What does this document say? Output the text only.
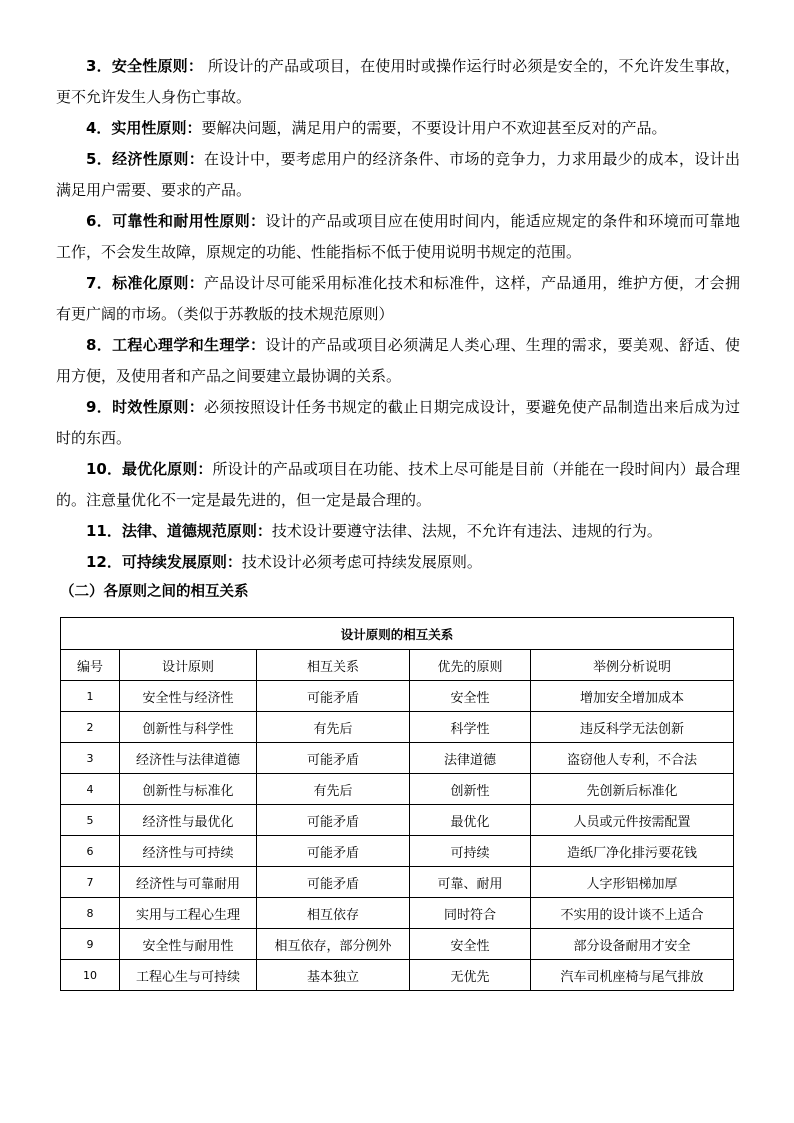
3．安全性原则： 所设计的产品或项目，在使用时或操作运行时必须是安全的，不允许发生事故，更不允许发生人身伤亡事故。

4．实用性原则：要解决问题，满足用户的需要，不要设计用户不欢迎甚至反对的产品。

5．经济性原则：在设计中，要考虑用户的经济条件、市场的竞争力，力求用最少的成本，设计出满足用户需要、要求的产品。

6．可靠性和耐用性原则：设计的产品或项目应在使用时间内，能适应规定的条件和环境而可靠地工作，不会发生故障，原规定的功能、性能指标不低于使用说明书规定的范围。

7．标准化原则：产品设计尽可能采用标准化技术和标准件，这样，产品通用，维护方便，才会拥有更广阔的市场。（类似于苏教版的技术规范原则）

8．工程心理学和生理学：设计的产品或项目必须满足人类心理、生理的需求，要美观、舒适、使用方便，及使用者和产品之间要建立最协调的关系。

9．时效性原则：必须按照设计任务书规定的截止日期完成设计，要避免使产品制造出来后成为过时的东西。

10．最优化原则：所设计的产品或项目在功能、技术上尽可能是目前（并能在一段时间内）最合理的。注意量优化不一定是最先进的，但一定是最合理的。

11．法律、道德规范原则：技术设计要遵守法律、法规，不允许有违法、违规的行为。

12．可持续发展原则：技术设计必须考虑可持续发展原则。

（二）各原则之间的相互关系

设计原则的相互关系				
编号	设计原则	相互关系	优先的原则	举例分析说明
1	安全性与经济性	可能矛盾	安全性	增加安全增加成本
2	创新性与科学性	有先后	科学性	违反科学无法创新
3	经济性与法律道德	可能矛盾	法律道德	盗窃他人专利，不合法
4	创新性与标准化	有先后	创新性	先创新后标准化
5	经济性与最优化	可能矛盾	最优化	人员或元件按需配置
6	经济性与可持续	可能矛盾	可持续	造纸厂净化排污要花钱
7	经济性与可靠耐用	可能矛盾	可靠、耐用	人字形铝梯加厚
8	实用与工程心生理	相互依存	同时符合	不实用的设计谈不上适合
9	安全性与耐用性	相互依存，部分例外	安全性	部分设备耐用才安全
10	工程心生与可持续	基本独立	无优先	汽车司机座椅与尾气排放
